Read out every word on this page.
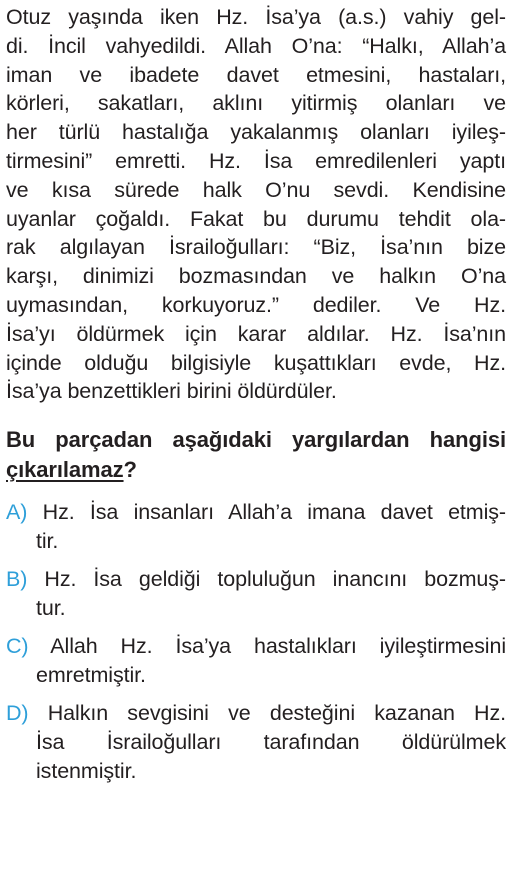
Otuz yaşında iken Hz. İsa’ya (a.s.) vahiy gel-
di. İncil vahyedildi. Allah O’na: “Halkı, Allah’a
iman ve ibadete davet etmesini, hastaları,
körleri, sakatları, aklını yitirmiş olanları ve
her türlü hastalığa yakalanmış olanları iyileş-
tirmesini” emretti. Hz. İsa emredilenleri yaptı
ve kısa sürede halk O’nu sevdi. Kendisine
uyanlar çoğaldı. Fakat bu durumu tehdit ola-
rak algılayan İsrailoğulları: “Biz, İsa’nın bize
karşı, dinimizi bozmasından ve halkın O’na
uymasından, korkuyoruz.” dediler. Ve Hz.
İsa’yı öldürmek için karar aldılar. Hz. İsa’nın
içinde olduğu bilgisiyle kuşattıkları evde, Hz.
İsa’ya benzettikleri birini öldürdüler.
Bu parçadan aşağıdaki yargılardan hangisi
çıkarılamaz?
A) Hz. İsa insanları Allah’a imana davet etmiş-
tir.
B) Hz. İsa geldiği topluluğun inancını bozmuş-
tur.
C) Allah Hz. İsa’ya hastalıkları iyileştirmesini
emretmiştir.
D) Halkın sevgisini ve desteğini kazanan Hz.
İsa İsrailoğulları tarafından öldürülmek
istenmiştir.
